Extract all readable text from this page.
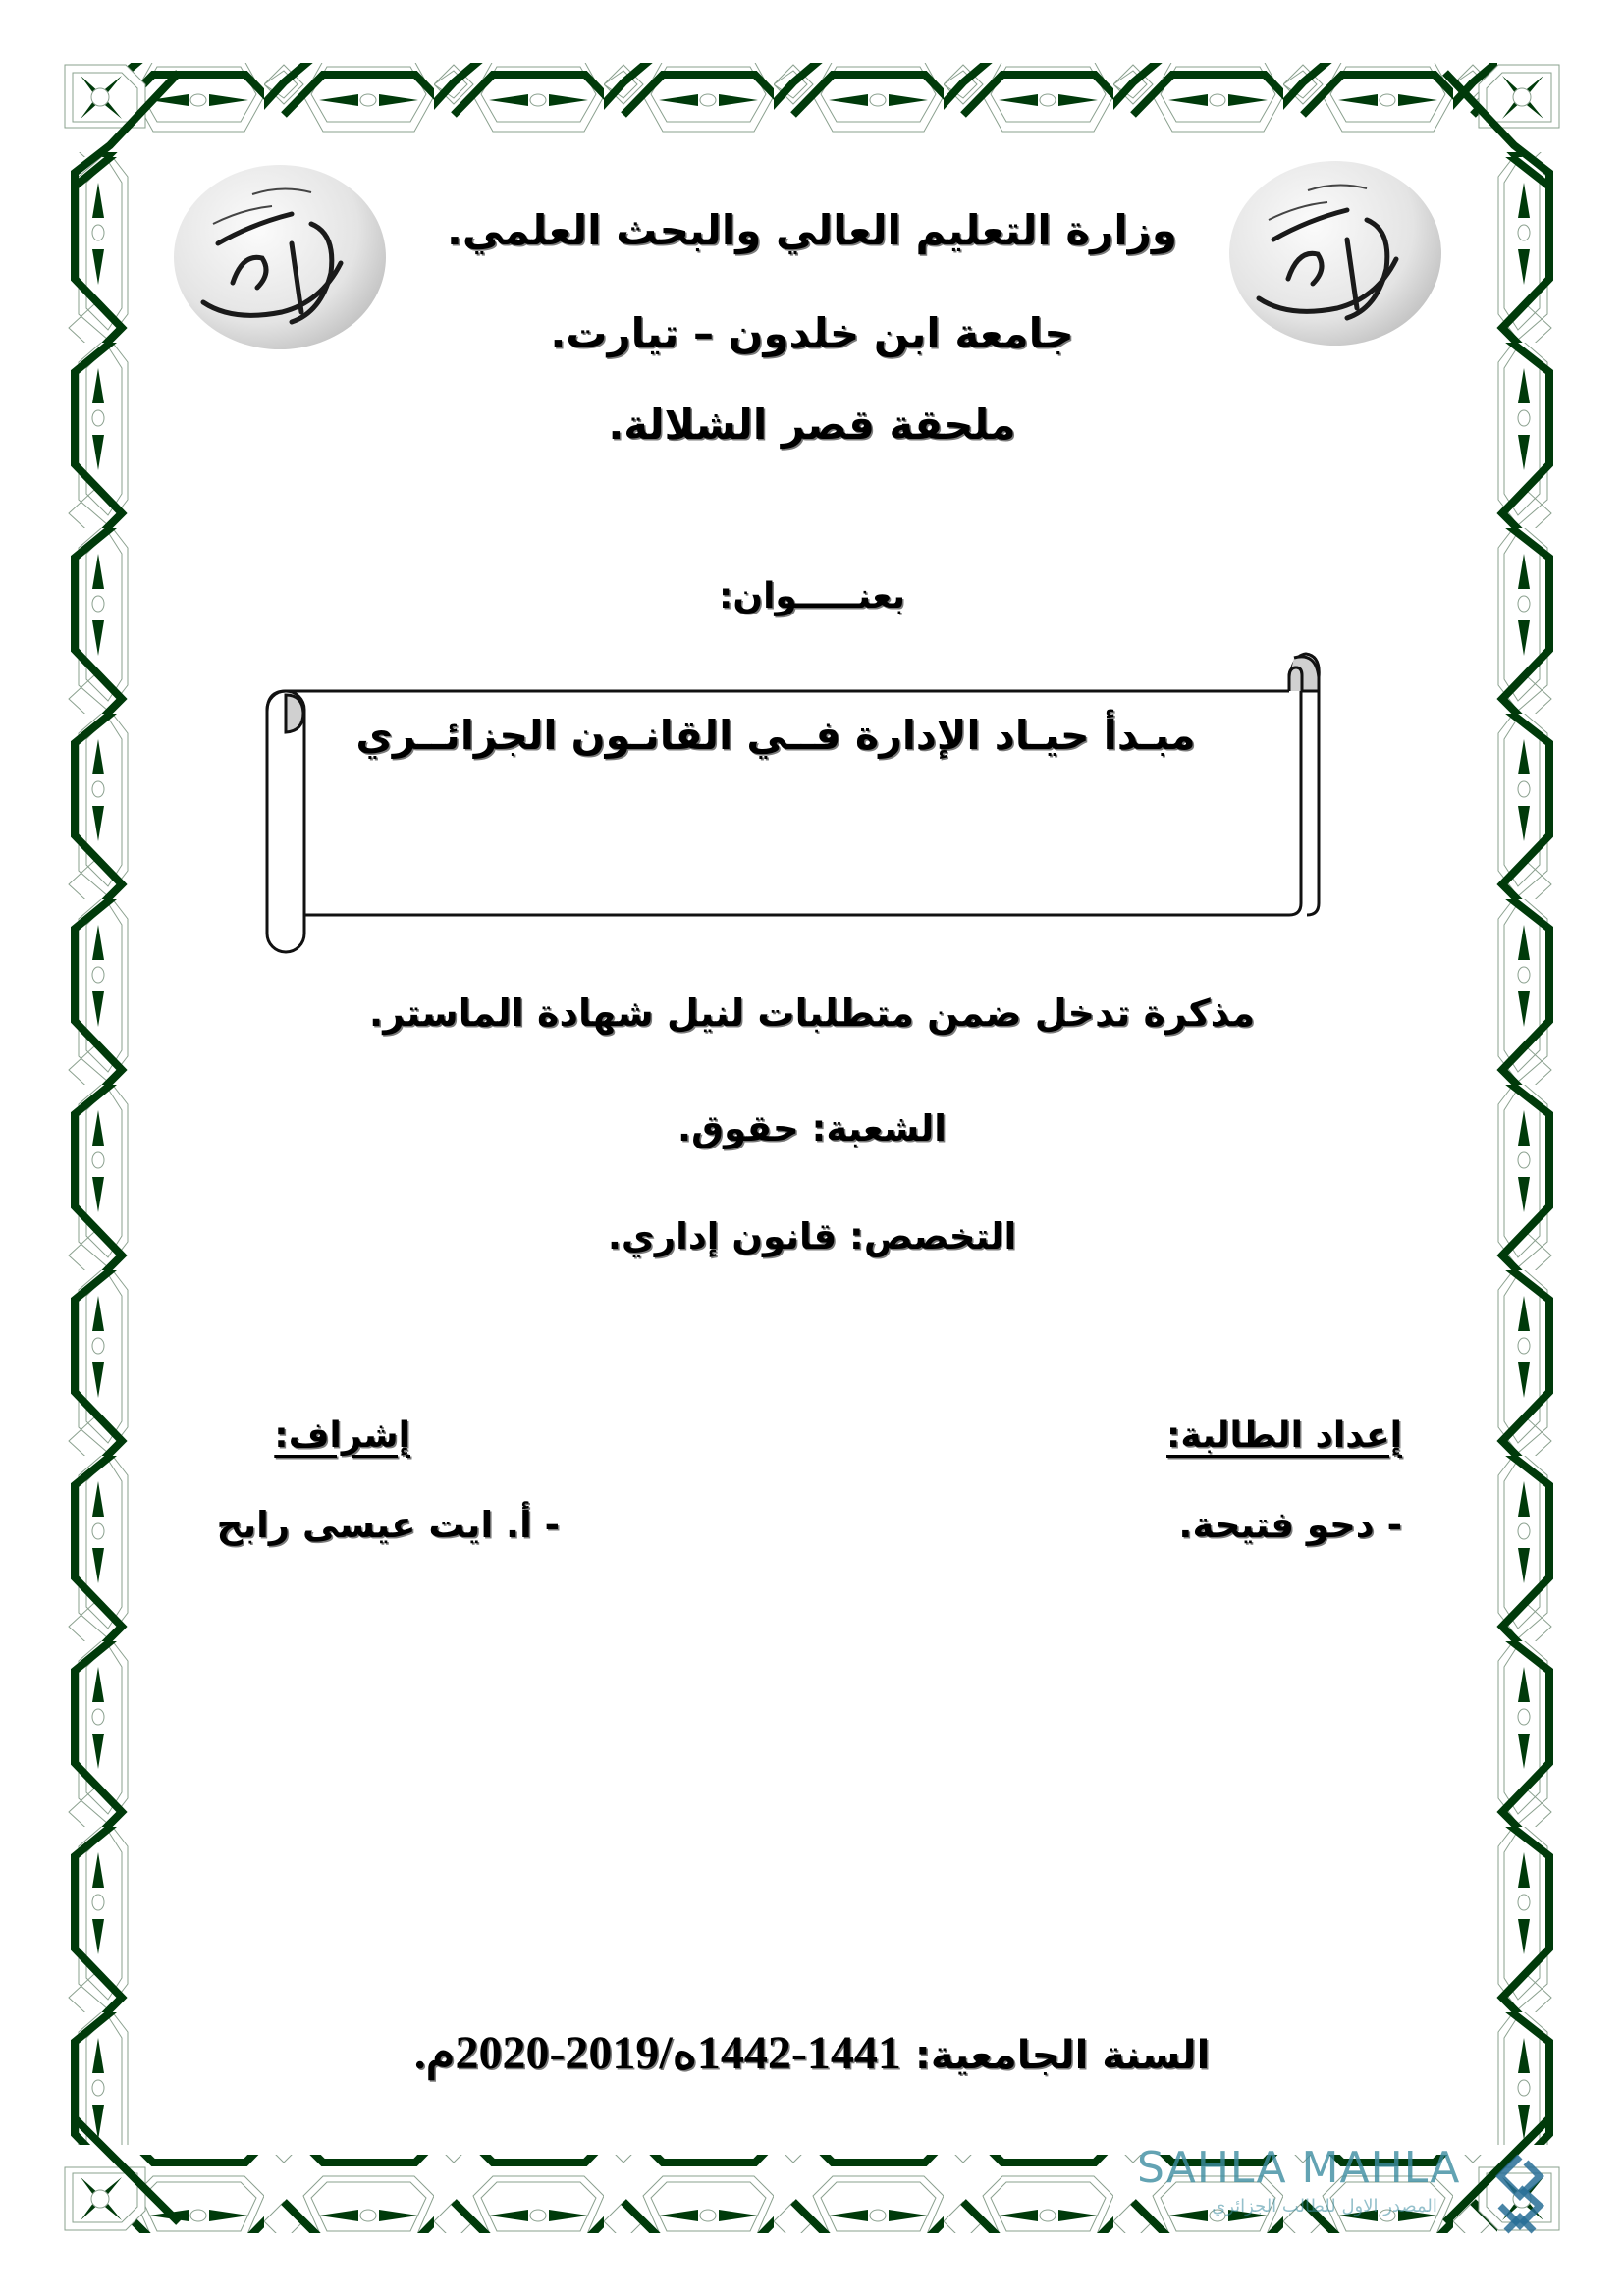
وزارة التعليم العالي والبحث العلمي.
جامعة ابن خلدون – تيارت.
ملحقة قصر الشلالة.
بعنـــــوان:
مبـدأ حيـاد الإدارة فــي القانـون الجزائــري
مذكرة تدخل ضمن متطلبات لنيل شهادة الماستر.
الشعبة: حقوق.
التخصص: قانون إداري.
إعداد الطالبة:
- دحو فتيحة.
إشراف:
- أ. ايت عيسى رابح
السنة الجامعية: 1441-1442ه/2019-2020م.
SAHLA MAHLA
المصدر الاول للطالب الجزائري
